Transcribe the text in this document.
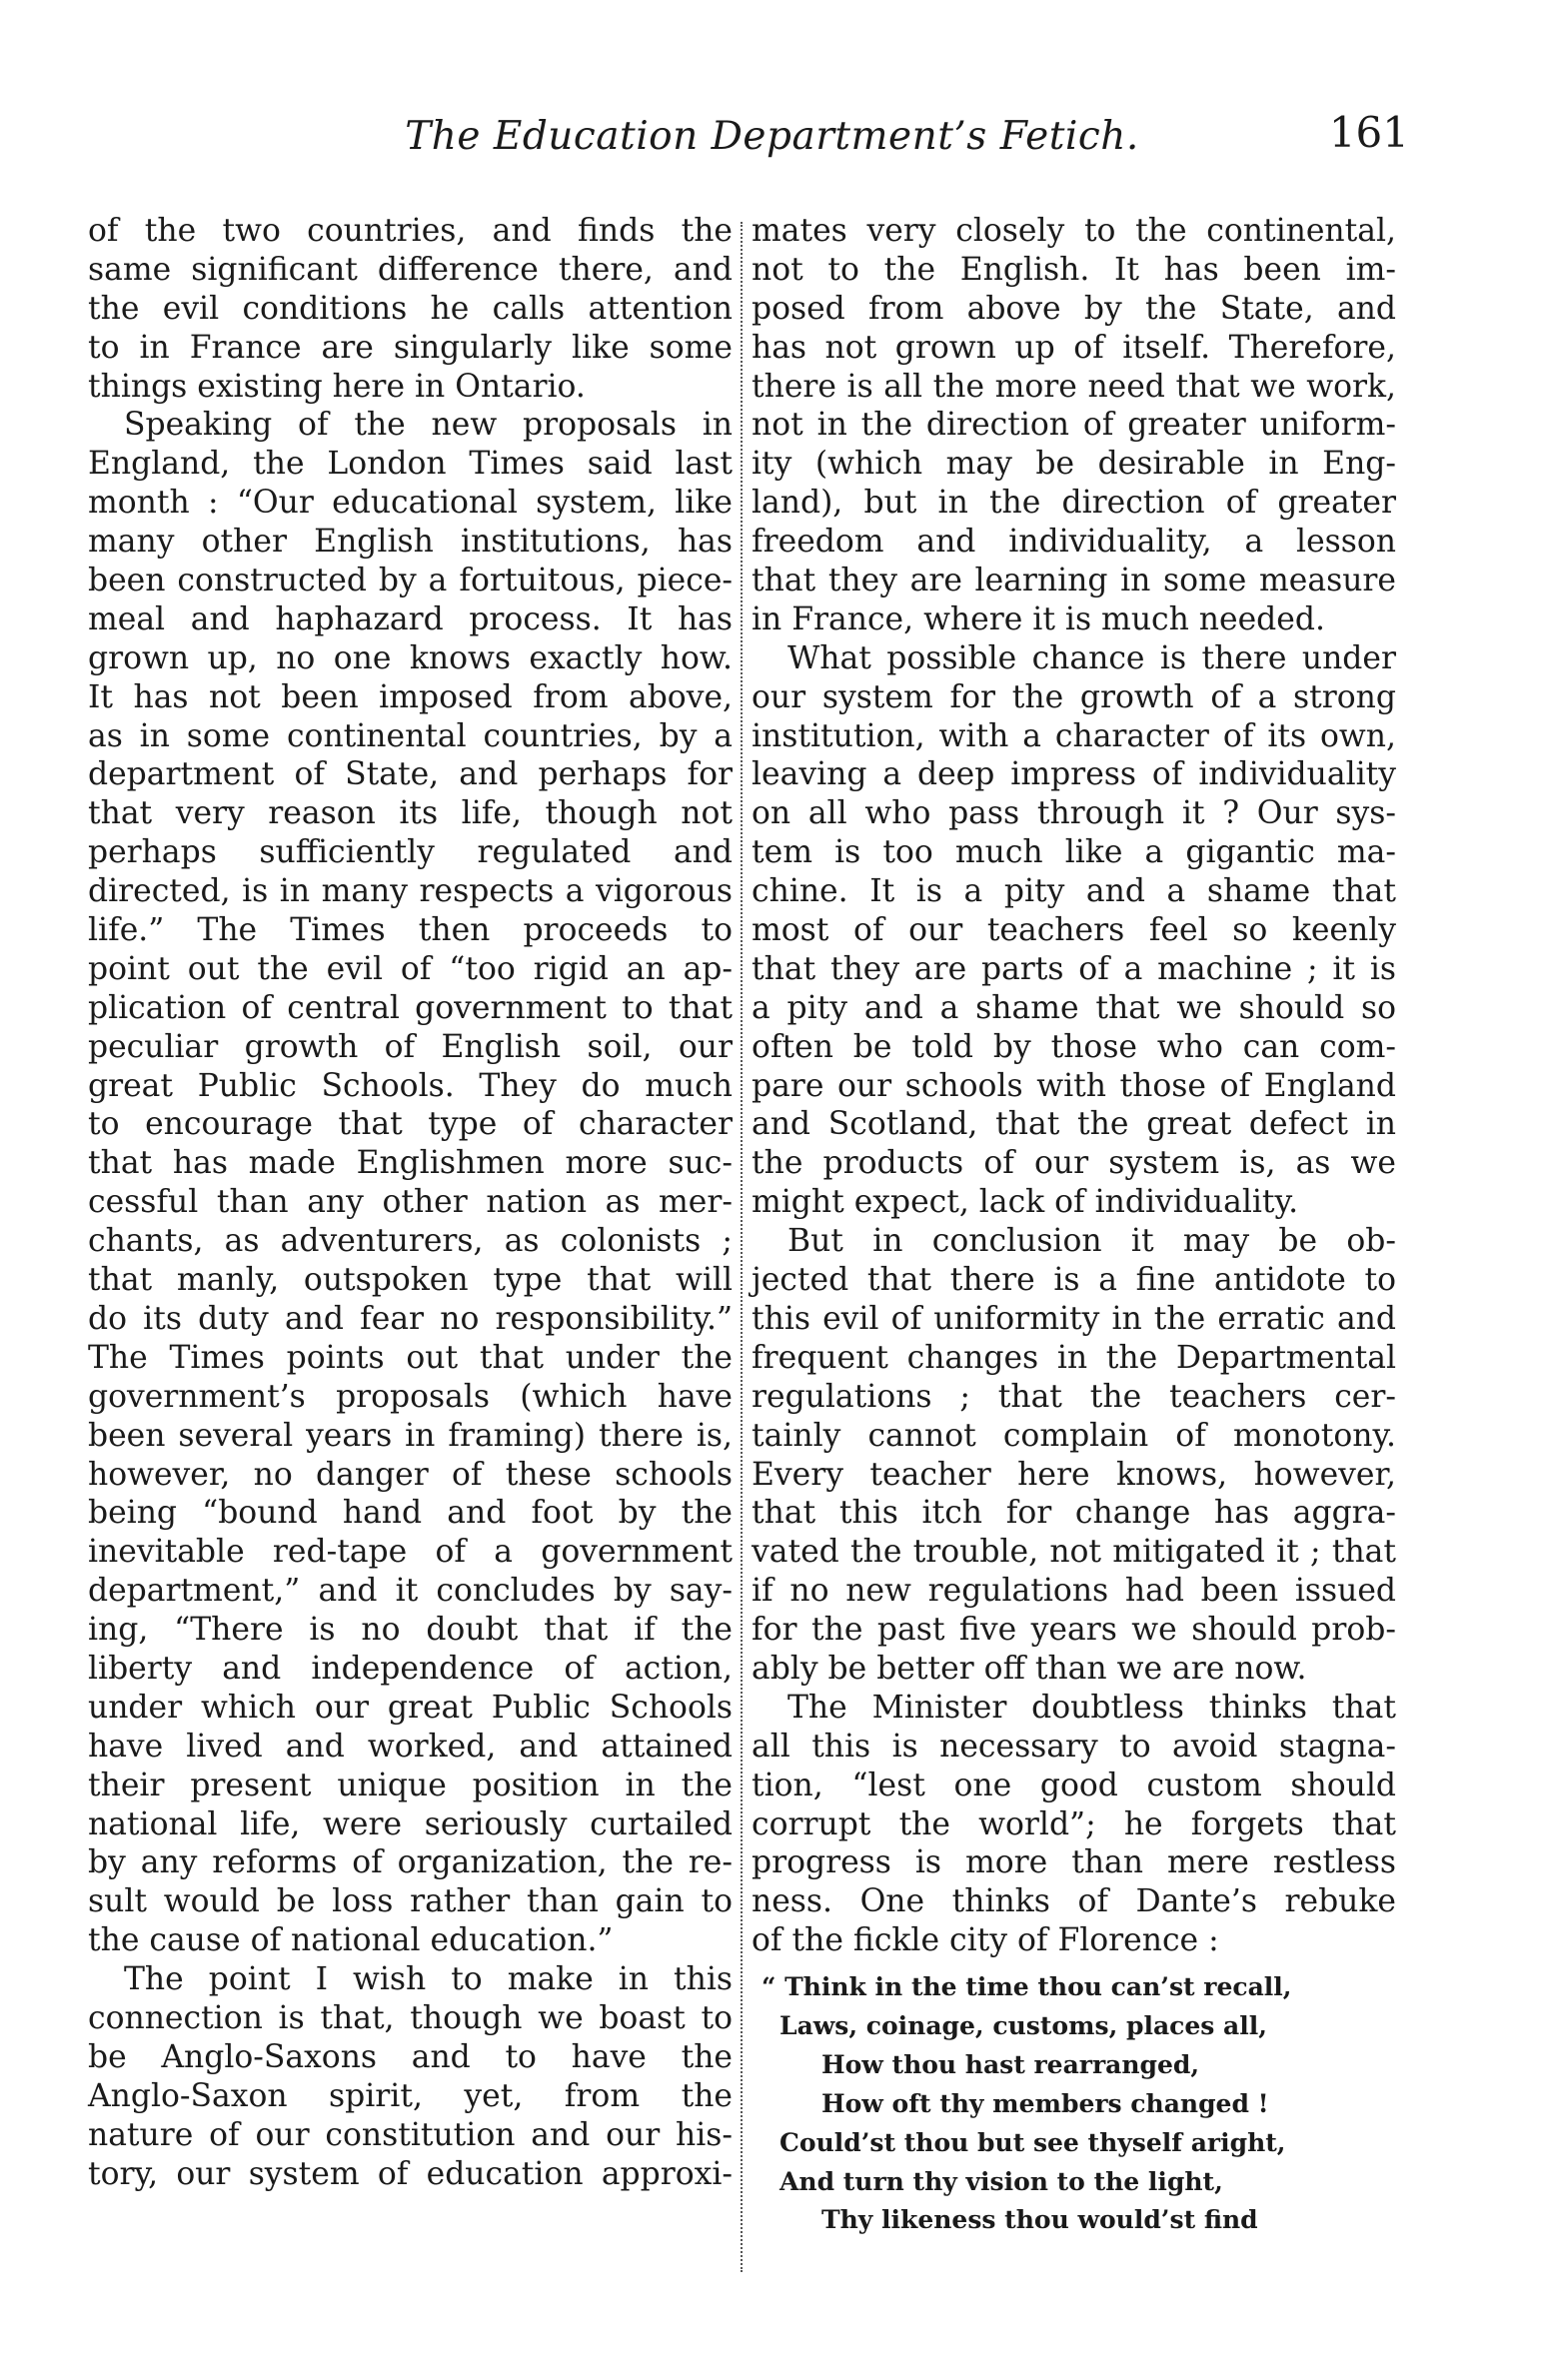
The Education Department’s Fetich.	161
of the two countries, and finds the
same significant difference there, and
the evil conditions he calls attention
to in France are singularly like some
things existing here in Ontario.
Speaking of the new proposals in
England, the London Times said last
month : “Our educational system, like
many other English institutions, has
been constructed by a fortuitous, piece-
meal and haphazard process. It has
grown up, no one knows exactly how.
It has not been imposed from above,
as in some continental countries, by a
department of State, and perhaps for
that very reason its life, though not
perhaps sufficiently regulated and
directed, is in many respects a vigorous
life.” The Times then proceeds to
point out the evil of “too rigid an ap-
plication of central government to that
peculiar growth of English soil, our
great Public Schools. They do much
to encourage that type of character
that has made Englishmen more suc-
cessful than any other nation as mer-
chants, as adventurers, as colonists ;
that manly, outspoken type that will
do its duty and fear no responsibility.”
The Times points out that under the
government’s proposals (which have
been several years in framing) there is,
however, no danger of these schools
being “bound hand and foot by the
inevitable red-tape of a government
department,” and it concludes by say-
ing, “There is no doubt that if the
liberty and independence of action,
under which our great Public Schools
have lived and worked, and attained
their present unique position in the
national life, were seriously curtailed
by any reforms of organization, the re-
sult would be loss rather than gain to
the cause of national education.”
The point I wish to make in this
connection is that, though we boast to
be Anglo-Saxons and to have the
Anglo-Saxon spirit, yet, from the
nature of our constitution and our his-
tory, our system of education approxi-
mates very closely to the continental,
not to the English. It has been im-
posed from above by the State, and
has not grown up of itself. Therefore,
there is all the more need that we work,
not in the direction of greater uniform-
ity (which may be desirable in Eng-
land), but in the direction of greater
freedom and individuality, a lesson
that they are learning in some measure
in France, where it is much needed.
What possible chance is there under
our system for the growth of a strong
institution, with a character of its own,
leaving a deep impress of individuality
on all who pass through it ? Our sys-
tem is too much like a gigantic ma-
chine. It is a pity and a shame that
most of our teachers feel so keenly
that they are parts of a machine ; it is
a pity and a shame that we should so
often be told by those who can com-
pare our schools with those of England
and Scotland, that the great defect in
the products of our system is, as we
might expect, lack of individuality.
But in conclusion it may be ob-
jected that there is a fine antidote to
this evil of uniformity in the erratic and
frequent changes in the Departmental
regulations ; that the teachers cer-
tainly cannot complain of monotony.
Every teacher here knows, however,
that this itch for change has aggra-
vated the trouble, not mitigated it ; that
if no new regulations had been issued
for the past five years we should prob-
ably be better off than we are now.
The Minister doubtless thinks that
all this is necessary to avoid stagna-
tion, “lest one good custom should
corrupt the world”; he forgets that
progress is more than mere restless
ness. One thinks of Dante’s rebuke
of the fickle city of Florence :
“ Think in the time thou can’st recall,
Laws, coinage, customs, places all,
How thou hast rearranged,
How oft thy members changed !
Could’st thou but see thyself aright,
And turn thy vision to the light,
Thy likeness thou would’st find
